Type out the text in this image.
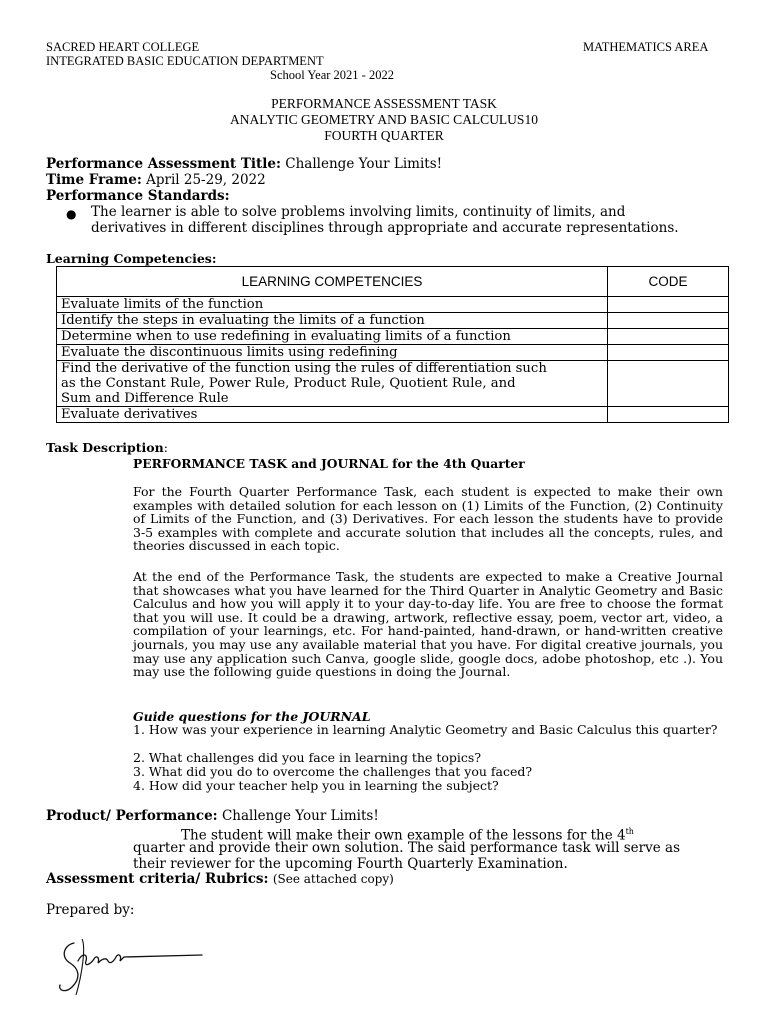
SACRED HEART COLLEGE
INTEGRATED BASIC EDUCATION DEPARTMENT
School Year 2021 - 2022
MATHEMATICS AREA
PERFORMANCE ASSESSMENT TASK
ANALYTIC GEOMETRY AND BASIC CALCULUS10
FOURTH QUARTER
Performance Assessment Title: Challenge Your Limits!
Time Frame: April 25-29, 2022
Performance Standards:
● The learner is able to solve problems involving limits, continuity of limits, and
derivatives in different disciplines through appropriate and accurate representations.
Learning Competencies:
LEARNING COMPETENCIES	CODE
Evaluate limits of the function	
Identify the steps in evaluating the limits of a function	
Determine when to use redefining in evaluating limits of a function	
Evaluate the discontinuous limits using redefining	

Find the derivative of the function using the rules of differentiation such
as the Constant Rule, Power Rule, Product Rule, Quotient Rule, and
Sum and Difference Rule	

Evaluate derivatives	
Task Description:
PERFORMANCE TASK and JOURNAL for the 4th Quarter
For the Fourth Quarter Performance Task, each student is expected to make their own examples with detailed solution for each lesson on (1) Limits of the Function, (2) Continuity of Limits of the Function, and (3) Derivatives. For each lesson the students have to provide 3-5 examples with complete and accurate solution that includes all the concepts, rules, and theories discussed in each topic.
At the end of the Performance Task, the students are expected to make a Creative Journal that showcases what you have learned for the Third Quarter in Analytic Geometry and Basic Calculus and how you will apply it to your day-to-day life. You are free to choose the format that you will use. It could be a drawing, artwork, reflective essay, poem, vector art, video, a compilation of your learnings, etc. For hand-painted, hand-drawn, or hand-written creative journals, you may use any available material that you have. For digital creative journals, you may use any application such Canva, google slide, google docs, adobe photoshop, etc .). You may use the following guide questions in doing the Journal.
Guide questions for the JOURNAL
1. How was your experience in learning Analytic Geometry and Basic Calculus this quarter?
2. What challenges did you face in learning the topics?
3. What did you do to overcome the challenges that you faced?
4. How did your teacher help you in learning the subject?
Product/ Performance: Challenge Your Limits!
The student will make their own example of the lessons for the 4th
quarter and provide their own solution. The said performance task will serve as
their reviewer for the upcoming Fourth Quarterly Examination.
Assessment criteria/ Rubrics: (See attached copy)
Prepared by:
